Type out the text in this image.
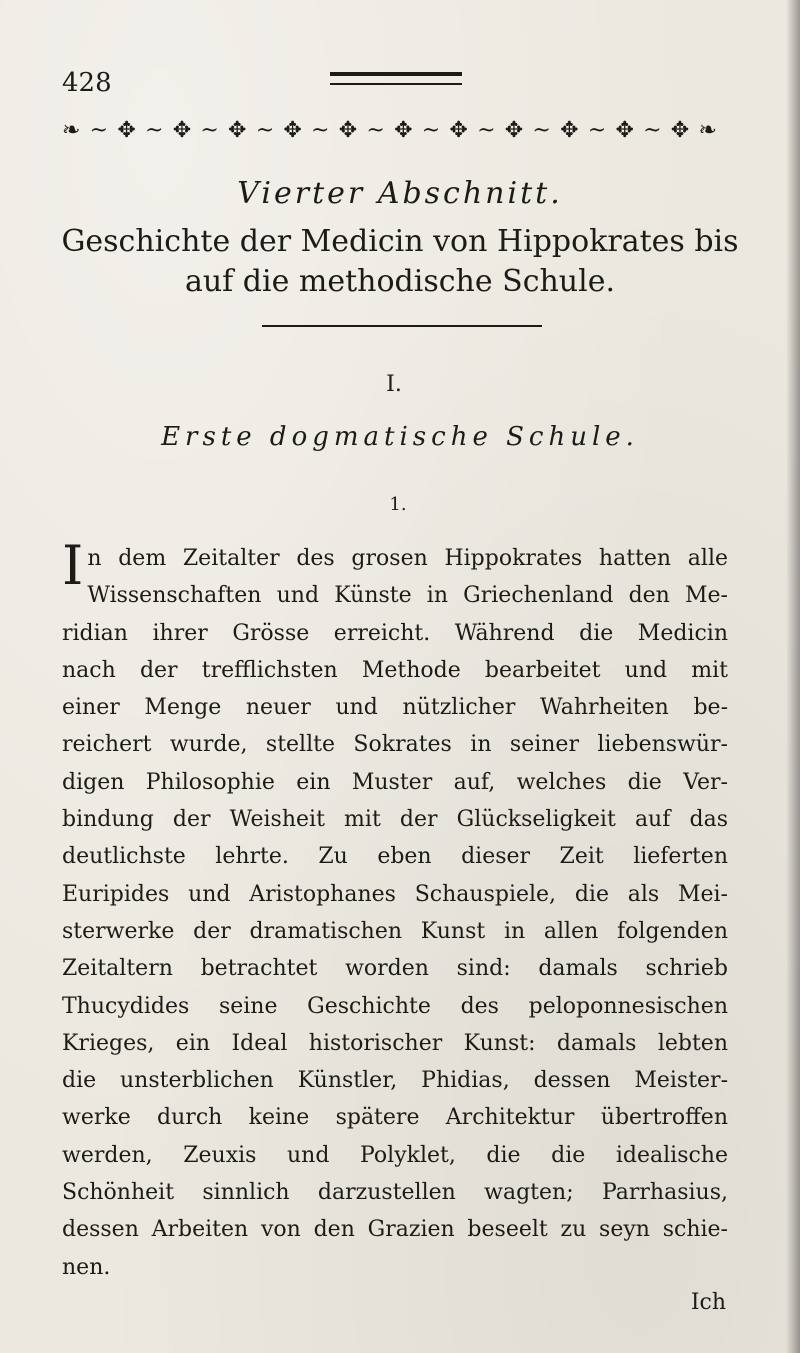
428
❧ ~ ✥ ~ ✥ ~ ✥ ~ ✥ ~ ✥ ~ ✥ ~ ✥ ~ ✥ ~ ✥ ~ ✥ ~ ✥ ❧
Vierter Abschnitt.
Geschichte der Medicin von Hippokrates bis
auf die methodische Schule.
I.
Erste dogmatische Schule.
1.
In dem Zeitalter des grosen Hippokrates hatten alle
Wissenschaften und Künste in Griechenland den Me-
ridian ihrer Grösse erreicht. Während die Medicin
nach der trefflichsten Methode bearbeitet und mit
einer Menge neuer und nützlicher Wahrheiten be-
reichert wurde, stellte Sokrates in seiner liebenswür-
digen Philosophie ein Muster auf, welches die Ver-
bindung der Weisheit mit der Glückseligkeit auf das
deutlichste lehrte. Zu eben dieser Zeit lieferten
Euripides und Aristophanes Schauspiele, die als Mei-
sterwerke der dramatischen Kunst in allen folgenden
Zeitaltern betrachtet worden sind: damals schrieb
Thucydides seine Geschichte des peloponnesischen
Krieges, ein Ideal historischer Kunst: damals lebten
die unsterblichen Künstler, Phidias, dessen Meister-
werke durch keine spätere Architektur übertroffen
werden, Zeuxis und Polyklet, die die idealische
Schönheit sinnlich darzustellen wagten; Parrhasius,
dessen Arbeiten von den Grazien beseelt zu seyn schie-
nen.
Ich
